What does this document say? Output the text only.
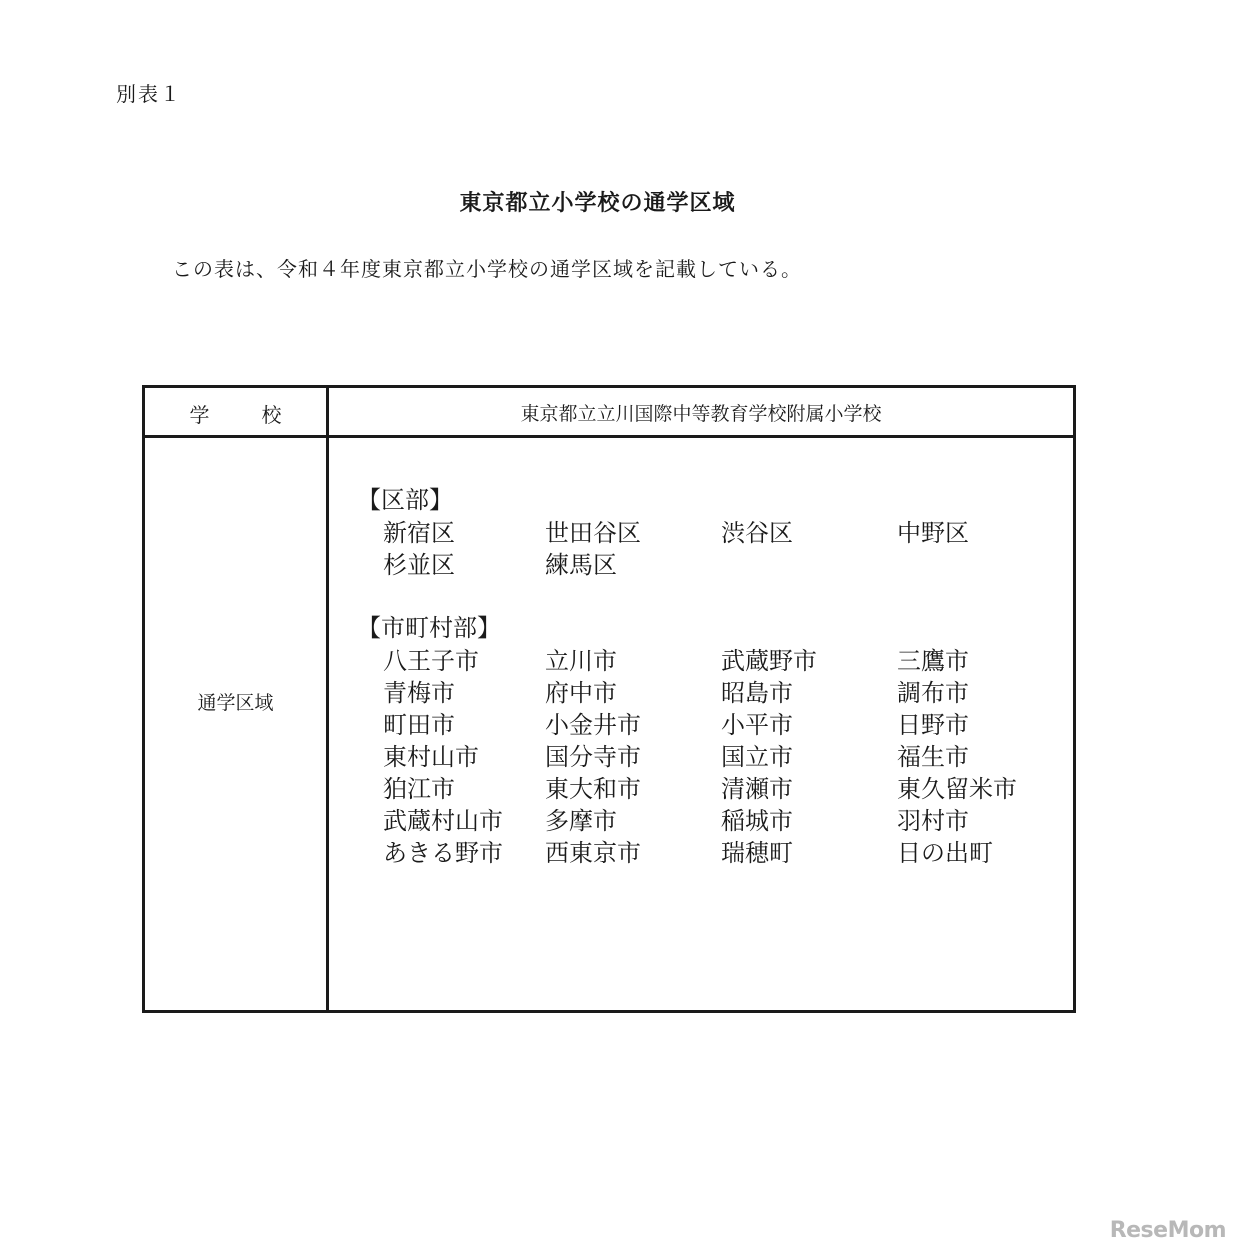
別表１
東京都立小学校の通学区域
この表は、令和４年度東京都立小学校の通学区域を記載している。
学	校	東京都立立川国際中等教育学校附属小学校
通学区域
【区部】
新宿区	世田谷区	渋谷区	中野区
杉並区	練馬区
【市町村部】
八王子市	立川市	武蔵野市	三鷹市
青梅市	府中市	昭島市	調布市
町田市	小金井市	小平市	日野市
東村山市	国分寺市	国立市	福生市
狛江市	東大和市	清瀬市	東久留米市
武蔵村山市	多摩市	稲城市	羽村市
あきる野市	西東京市	瑞穂町	日の出町
ReseMom
